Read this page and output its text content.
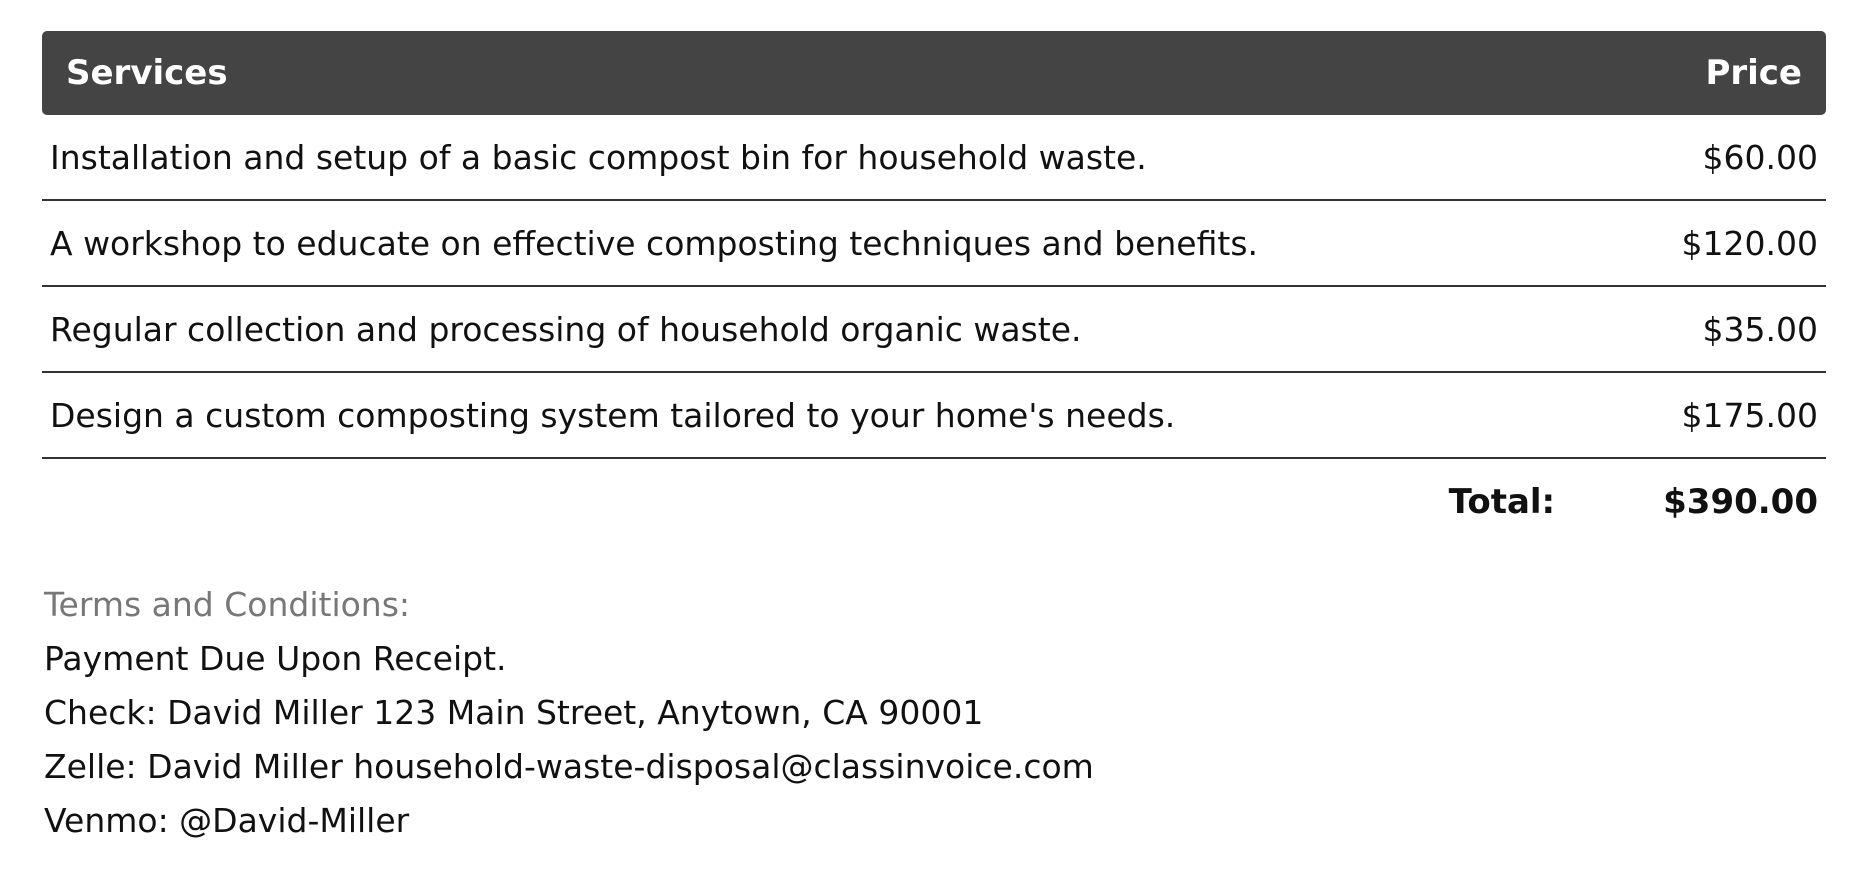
Services	Price
Installation and setup of a basic compost bin for household waste.	$60.00
A workshop to educate on effective composting techniques and benefits.	$120.00
Regular collection and processing of household organic waste.	$35.00
Design a custom composting system tailored to your home's needs.	$175.00
Total:	$390.00
Terms and Conditions:
Payment Due Upon Receipt.
Check: David Miller 123 Main Street, Anytown, CA 90001
Zelle: David Miller household-waste-disposal@classinvoice.com
Venmo: @David-Miller
